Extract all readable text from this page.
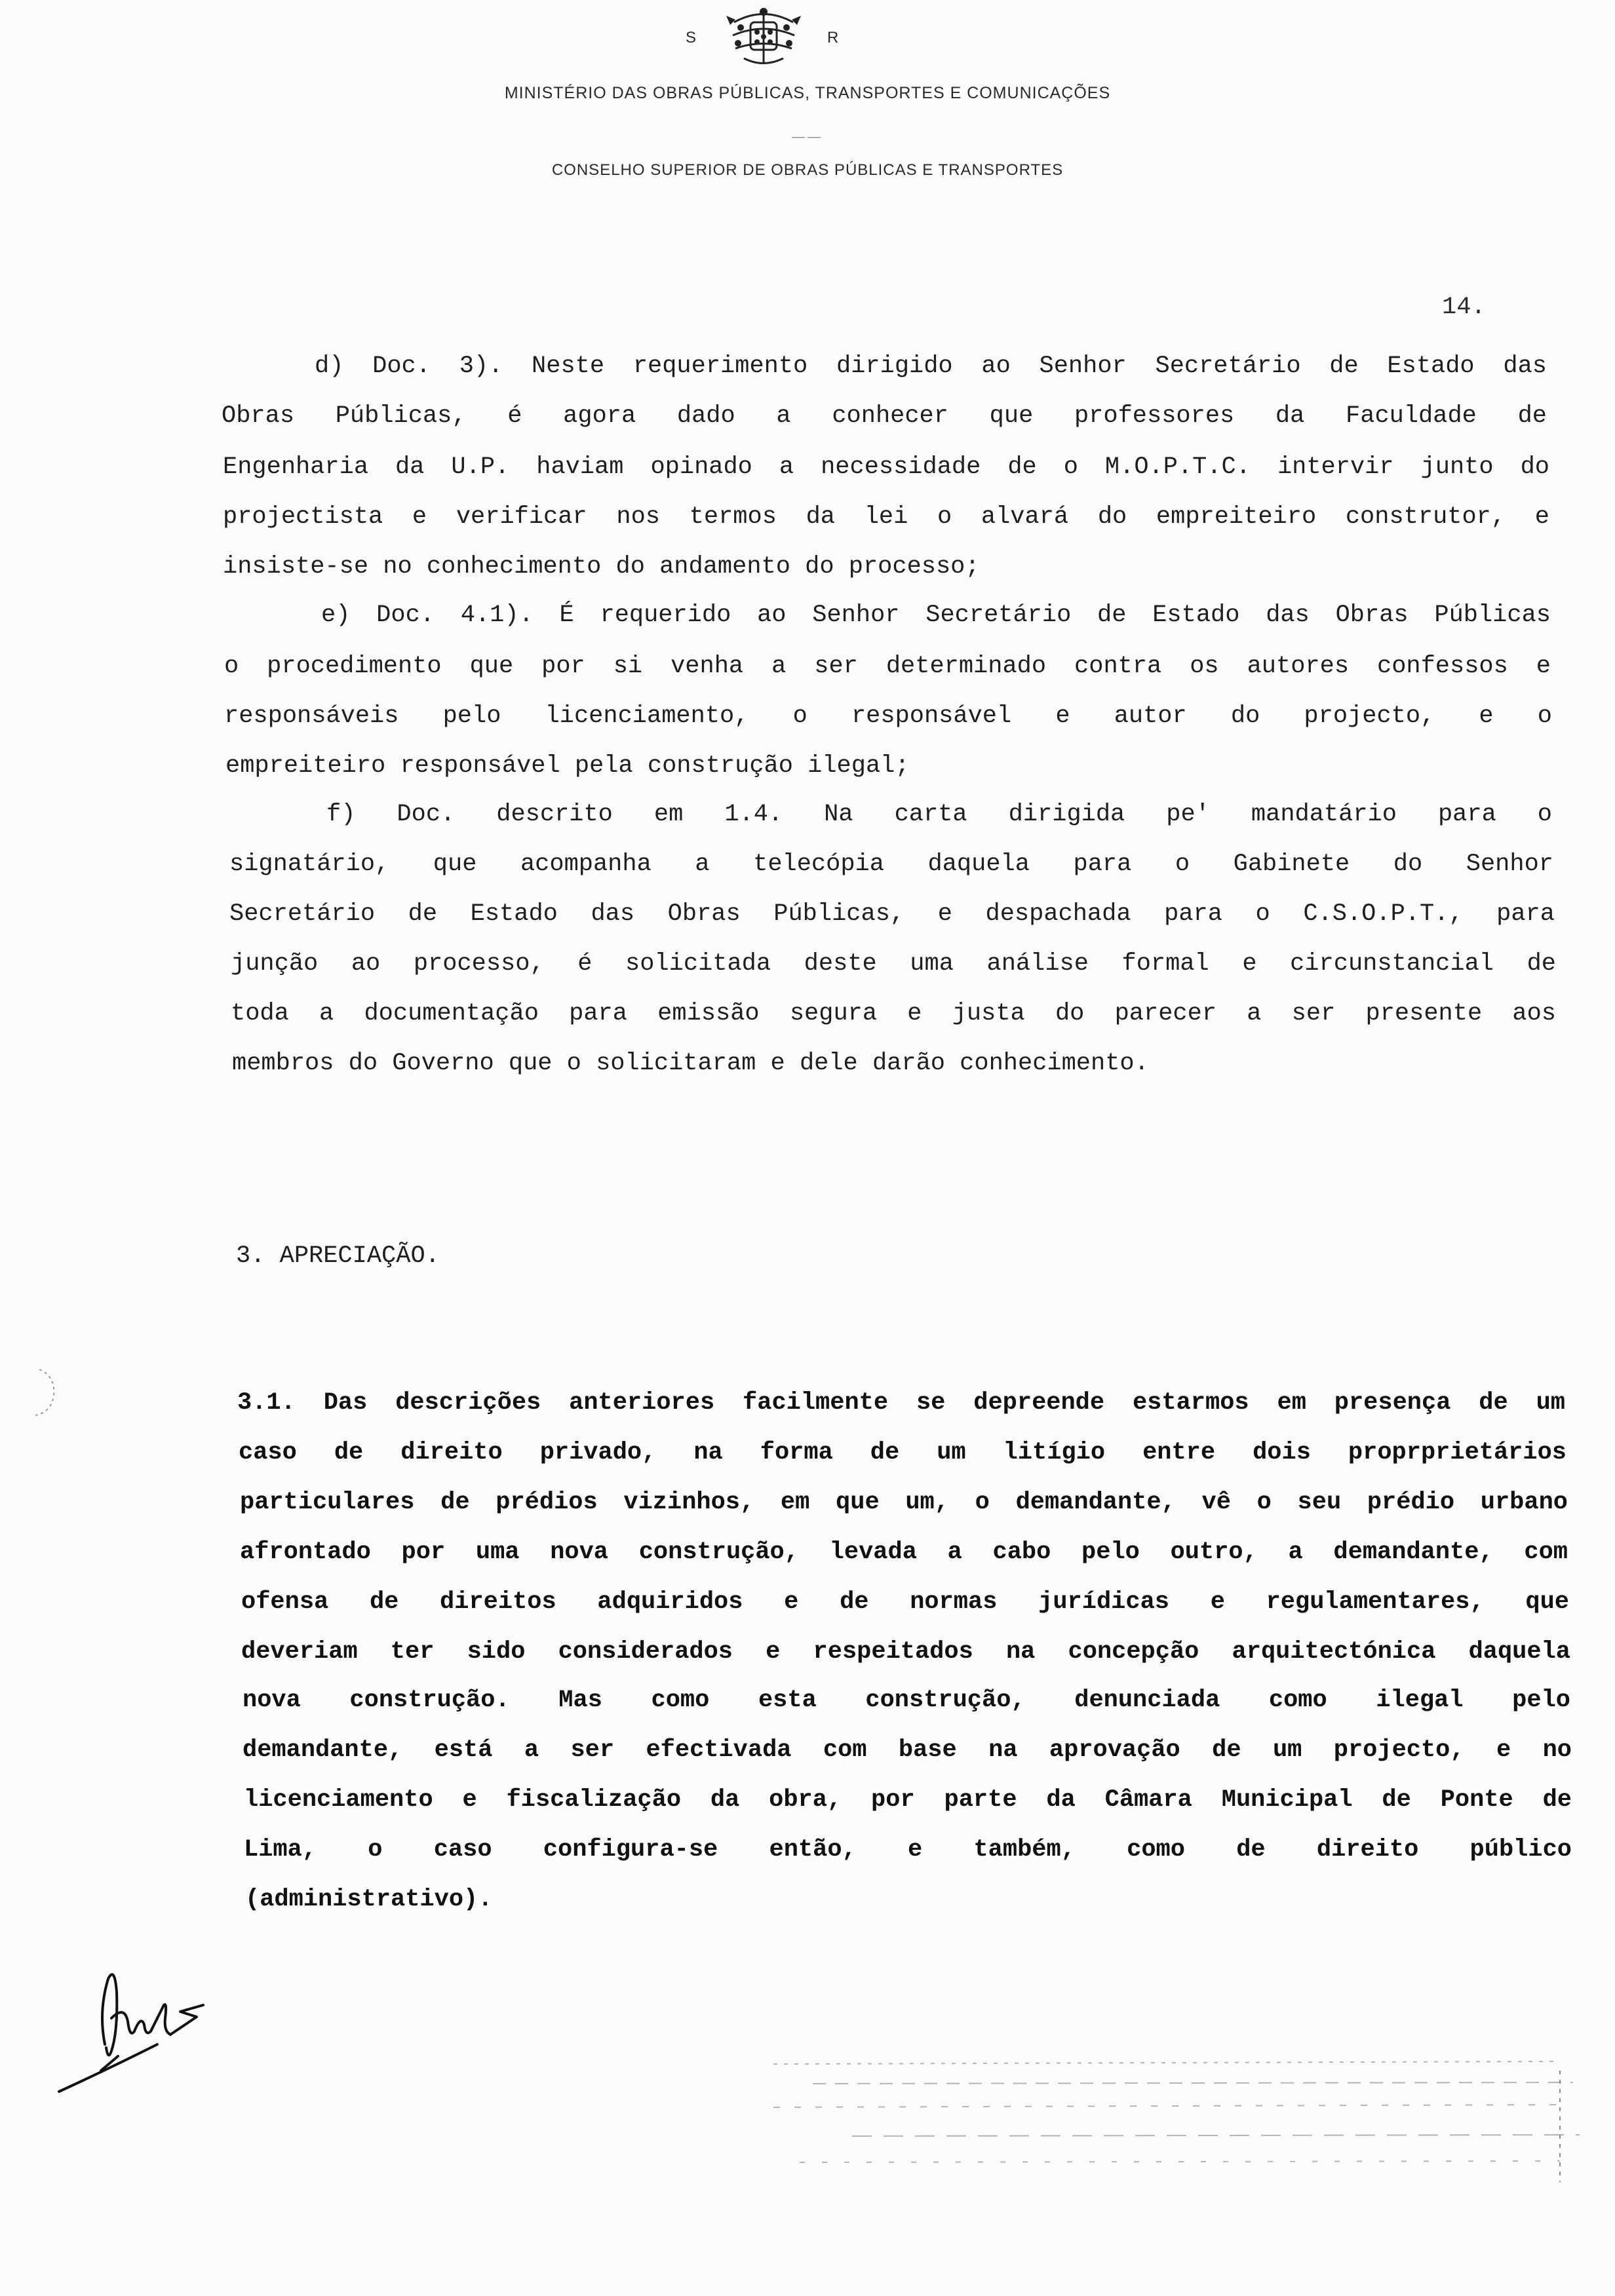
S	R
MINISTÉRIO DAS OBRAS PÚBLICAS, TRANSPORTES E COMUNICAÇÕES
——
CONSELHO SUPERIOR DE OBRAS PÚBLICAS E TRANSPORTES
14.

d) Doc. 3). Neste requerimento dirigido ao Senhor Secretário de Estado das

Obras Públicas, é agora dado a conhecer que professores da Faculdade de

Engenharia da U.P. haviam opinado a necessidade de o M.O.P.T.C. intervir junto do

projectista e verificar nos termos da lei o alvará do empreiteiro construtor, e

insiste-se no conhecimento do andamento do processo;

e) Doc. 4.1). É requerido ao Senhor Secretário de Estado das Obras Públicas

o procedimento que por si venha a ser determinado contra os autores confessos e

responsáveis pelo licenciamento, o responsável e autor do projecto, e o

empreiteiro responsável pela construção ilegal;

f) Doc. descrito em 1.4. Na carta dirigida pe' mandatário para o

signatário, que acompanha a telecópia daquela para o Gabinete do Senhor

Secretário de Estado das Obras Públicas, e despachada para o C.S.O.P.T., para

junção ao processo, é solicitada deste uma análise formal e circunstancial de

toda a documentação para emissão segura e justa do parecer a ser presente aos

membros do Governo que o solicitaram e dele darão conhecimento.

3. APRECIAÇÃO.

3.1. Das descrições anteriores facilmente se depreende estarmos em presença de um

caso de direito privado, na forma de um litígio entre dois proprprietários

particulares de prédios vizinhos, em que um, o demandante, vê o seu prédio urbano

afrontado por uma nova construção, levada a cabo pelo outro, a demandante, com

ofensa de direitos adquiridos e de normas jurídicas e regulamentares, que

deveriam ter sido considerados e respeitados na concepção arquitectónica daquela

nova construção. Mas como esta construção, denunciada como ilegal pelo

demandante, está a ser efectivada com base na aprovação de um projecto, e no

licenciamento e fiscalização da obra, por parte da Câmara Municipal de Ponte de

Lima, o caso configura-se então, e também, como de direito público

(administrativo).
